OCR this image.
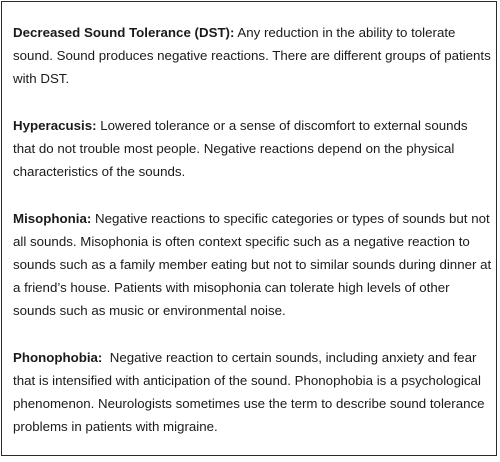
Decreased Sound Tolerance (DST): Any reduction in the ability to tolerate
sound. Sound produces negative reactions. There are different groups of patients
with DST.

Hyperacusis: Lowered tolerance or a sense of discomfort to external sounds
that do not trouble most people. Negative reactions depend on the physical
characteristics of the sounds.

Misophonia: Negative reactions to specific categories or types of sounds but not
all sounds. Misophonia is often context specific such as a negative reaction to
sounds such as a family member eating but not to similar sounds during dinner at
a friend’s house. Patients with misophonia can tolerate high levels of other
sounds such as music or environmental noise.

Phonophobia:  Negative reaction to certain sounds, including anxiety and fear
that is intensified with anticipation of the sound. Phonophobia is a psychological
phenomenon. Neurologists sometimes use the term to describe sound tolerance
problems in patients with migraine.
